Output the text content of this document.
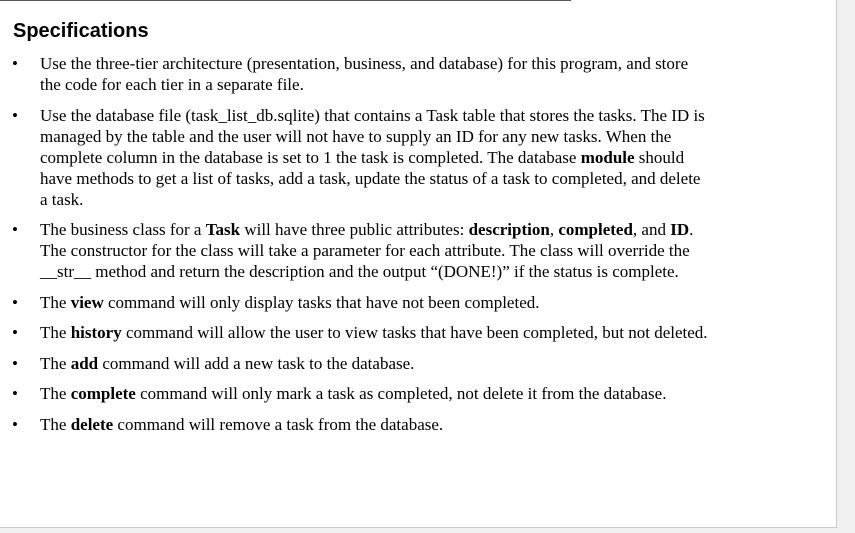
Specifications
• Use the three-tier architecture (presentation, business, and database) for this program, and store the code for each tier in a separate file.
• Use the database file (task_list_db.sqlite) that contains a Task table that stores the tasks. The ID is managed by the table and the user will not have to supply an ID for any new tasks. When the complete column in the database is set to 1 the task is completed. The database module should have methods to get a list of tasks, add a task, update the status of a task to completed, and delete a task.
• The business class for a Task will have three public attributes: description, completed, and ID. The constructor for the class will take a parameter for each attribute. The class will override the __str__ method and return the description and the output “(DONE!)” if the status is complete.
• The view command will only display tasks that have not been completed.
• The history command will allow the user to view tasks that have been completed, but not deleted.
• The add command will add a new task to the database.
• The complete command will only mark a task as completed, not delete it from the database.
• The delete command will remove a task from the database.
